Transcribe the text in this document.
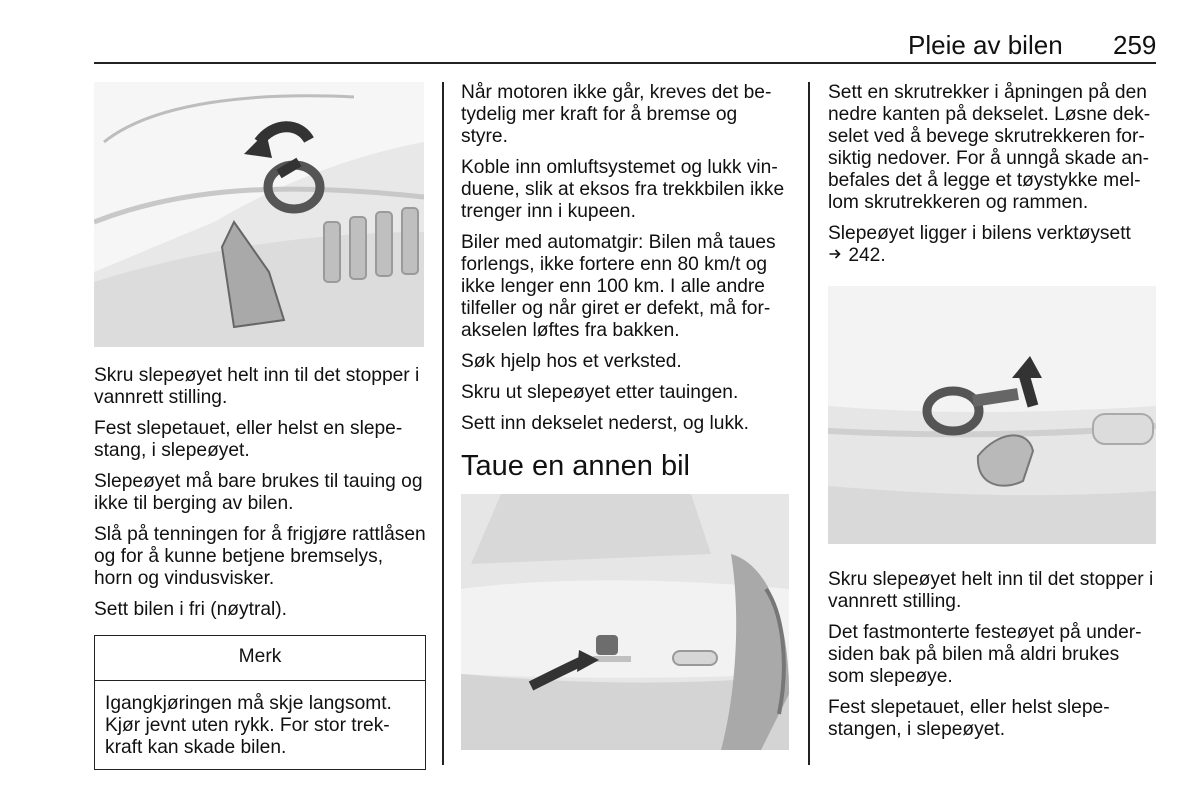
Pleie av bilen 259

Skru slepeøyet helt inn til det stopper i vannrett stilling.

Fest slepetauet, eller helst en slepestang, i slepeøyet.

Slepeøyet må bare brukes til tauing og ikke til berging av bilen.

Slå på tenningen for å frigjøre rattlåsen og for å kunne betjene bremselys, horn og vindusvisker.

Sett bilen i fri (nøytral).

Merk
Igangkjøringen må skje langsomt. Kjør jevnt uten rykk. For stor trekkraft kan skade bilen.

Når motoren ikke går, kreves det betydelig mer kraft for å bremse og styre.

Koble inn omluftsystemet og lukk vinduene, slik at eksos fra trekkbilen ikke trenger inn i kupeen.

Biler med automatgir: Bilen må taues forlengs, ikke fortere enn 80 km/t og ikke lenger enn 100 km. I alle andre tilfeller og når giret er defekt, må forakselen løftes fra bakken.

Søk hjelp hos et verksted.

Skru ut slepeøyet etter tauingen.

Sett inn dekselet nederst, og lukk.

Taue en annen bil

Sett en skrutrekker i åpningen på den nedre kanten på dekselet. Løsne dekselet ved å bevege skrutrekkeren forsiktig nedover. For å unngå skade anbefales det å legge et tøystykke mellom skrutrekkeren og rammen.

Slepeøyet ligger i bilens verktøysett
242.

Skru slepeøyet helt inn til det stopper i vannrett stilling.

Det fastmonterte festeøyet på undersiden bak på bilen må aldri brukes som slepeøye.

Fest slepetauet, eller helst slepestangen, i slepeøyet.
